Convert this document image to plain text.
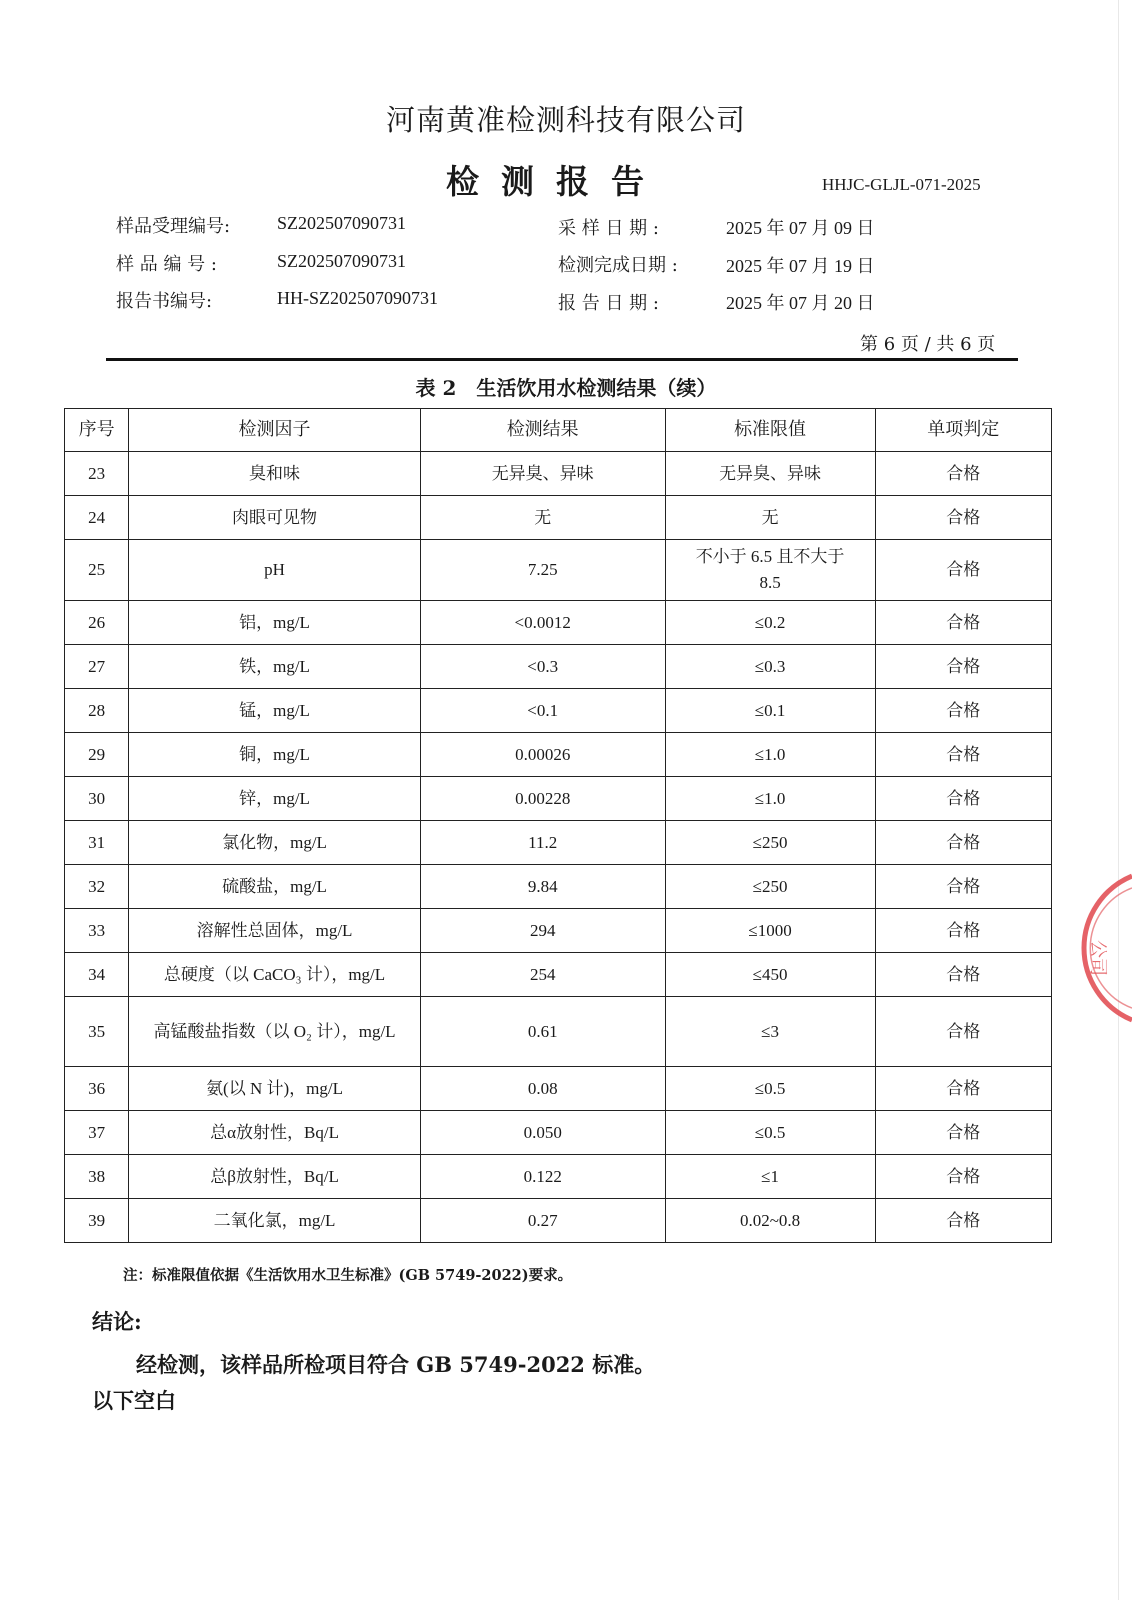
河南黄准检测科技有限公司
检测报告	HHJC-GLJL-071-2025
样品受理编号:	SZ202507090731
样 品 编 号 :	SZ202507090731
报告书编号:	HH-SZ202507090731
采 样 日 期 :	2025 年 07 月 09 日
检测完成日期 :	2025 年 07 月 19 日
报 告 日 期 :	2025 年 07 月 20 日
第 6 页 / 共 6 页
表 2　生活饮用水检测结果（续）
序号	检测因子	检测结果	标准限值	单项判定
23	臭和味	无异臭、异味	无异臭、异味	合格
24	肉眼可见物	无	无	合格
25	pH	7.25	不小于 6.5 且不大于 8.5	合格
26	铝，mg/L	<0.0012	≤0.2	合格
27	铁，mg/L	<0.3	≤0.3	合格
28	锰，mg/L	<0.1	≤0.1	合格
29	铜，mg/L	0.00026	≤1.0	合格
30	锌，mg/L	0.00228	≤1.0	合格
31	氯化物，mg/L	11.2	≤250	合格
32	硫酸盐，mg/L	9.84	≤250	合格
33	溶解性总固体，mg/L	294	≤1000	合格
34	总硬度（以 CaCO₃ 计），mg/L	254	≤450	合格
35	高锰酸盐指数（以 O₂ 计），mg/L	0.61	≤3	合格
36	氨(以 N 计)，mg/L	0.08	≤0.5	合格
37	总α放射性，Bq/L	0.050	≤0.5	合格
38	总β放射性，Bq/L	0.122	≤1	合格
39	二氧化氯，mg/L	0.27	0.02~0.8	合格
注：标准限值依据《生活饮用水卫生标准》(GB 5749-2022)要求。
结论:
经检测，该样品所检项目符合 GB 5749-2022 标准。
以下空白
公司
